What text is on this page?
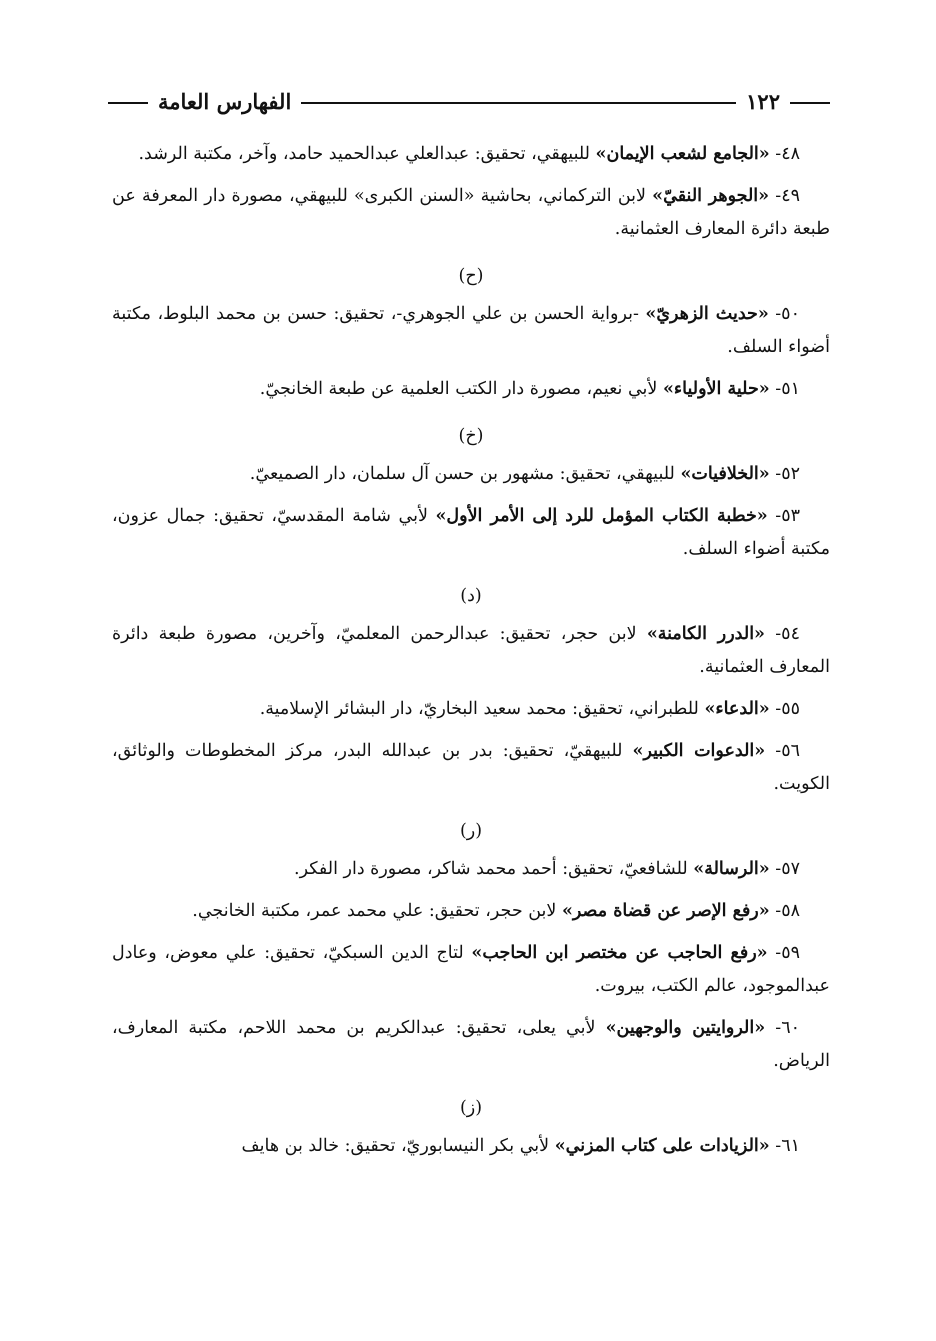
١٢٢
الفهارس العامة

٤٨- «الجامع لشعب الإيمان» للبيهقي، تحقيق: عبدالعلي عبدالحميد حامد، وآخر، مكتبة الرشد.

٤٩- «الجوهر النقيّ» لابن التركماني، بحاشية «السنن الكبرى» للبيهقي، مصورة دار المعرفة عن طبعة دائرة المعارف العثمانية.

(ح)

٥٠- «حديث الزهريّ» -برواية الحسن بن علي الجوهري-، تحقيق: حسن بن محمد البلوط، مكتبة أضواء السلف.

٥١- «حلية الأولياء» لأبي نعيم، مصورة دار الكتب العلمية عن طبعة الخانجيّ.

(خ)

٥٢- «الخلافيات» للبيهقي، تحقيق: مشهور بن حسن آل سلمان، دار الصميعيّ.

٥٣- «خطبة الكتاب المؤمل للرد إلى الأمر الأول» لأبي شامة المقدسيّ، تحقيق: جمال عزون، مكتبة أضواء السلف.

(د)

٥٤- «الدرر الكامنة» لابن حجر، تحقيق: عبدالرحمن المعلميّ، وآخرين، مصورة طبعة دائرة المعارف العثمانية.

٥٥- «الدعاء» للطبراني، تحقيق: محمد سعيد البخاريّ، دار البشائر الإسلامية.

٥٦- «الدعوات الكبير» للبيهقيّ، تحقيق: بدر بن عبدالله البدر، مركز المخطوطات والوثائق، الكويت.

(ر)

٥٧- «الرسالة» للشافعيّ، تحقيق: أحمد محمد شاكر، مصورة دار الفكر.

٥٨- «رفع الإصر عن قضاة مصر» لابن حجر، تحقيق: علي محمد عمر، مكتبة الخانجي.

٥٩- «رفع الحاجب عن مختصر ابن الحاجب» لتاج الدين السبكيّ، تحقيق: علي معوض، وعادل عبدالموجود، عالم الكتب، بيروت.

٦٠- «الروايتين والوجهين» لأبي يعلى، تحقيق: عبدالكريم بن محمد اللاحم، مكتبة المعارف، الرياض.

(ز)

٦١- «الزيادات على كتاب المزني» لأبي بكر النيسابوريّ، تحقيق: خالد بن هايف
